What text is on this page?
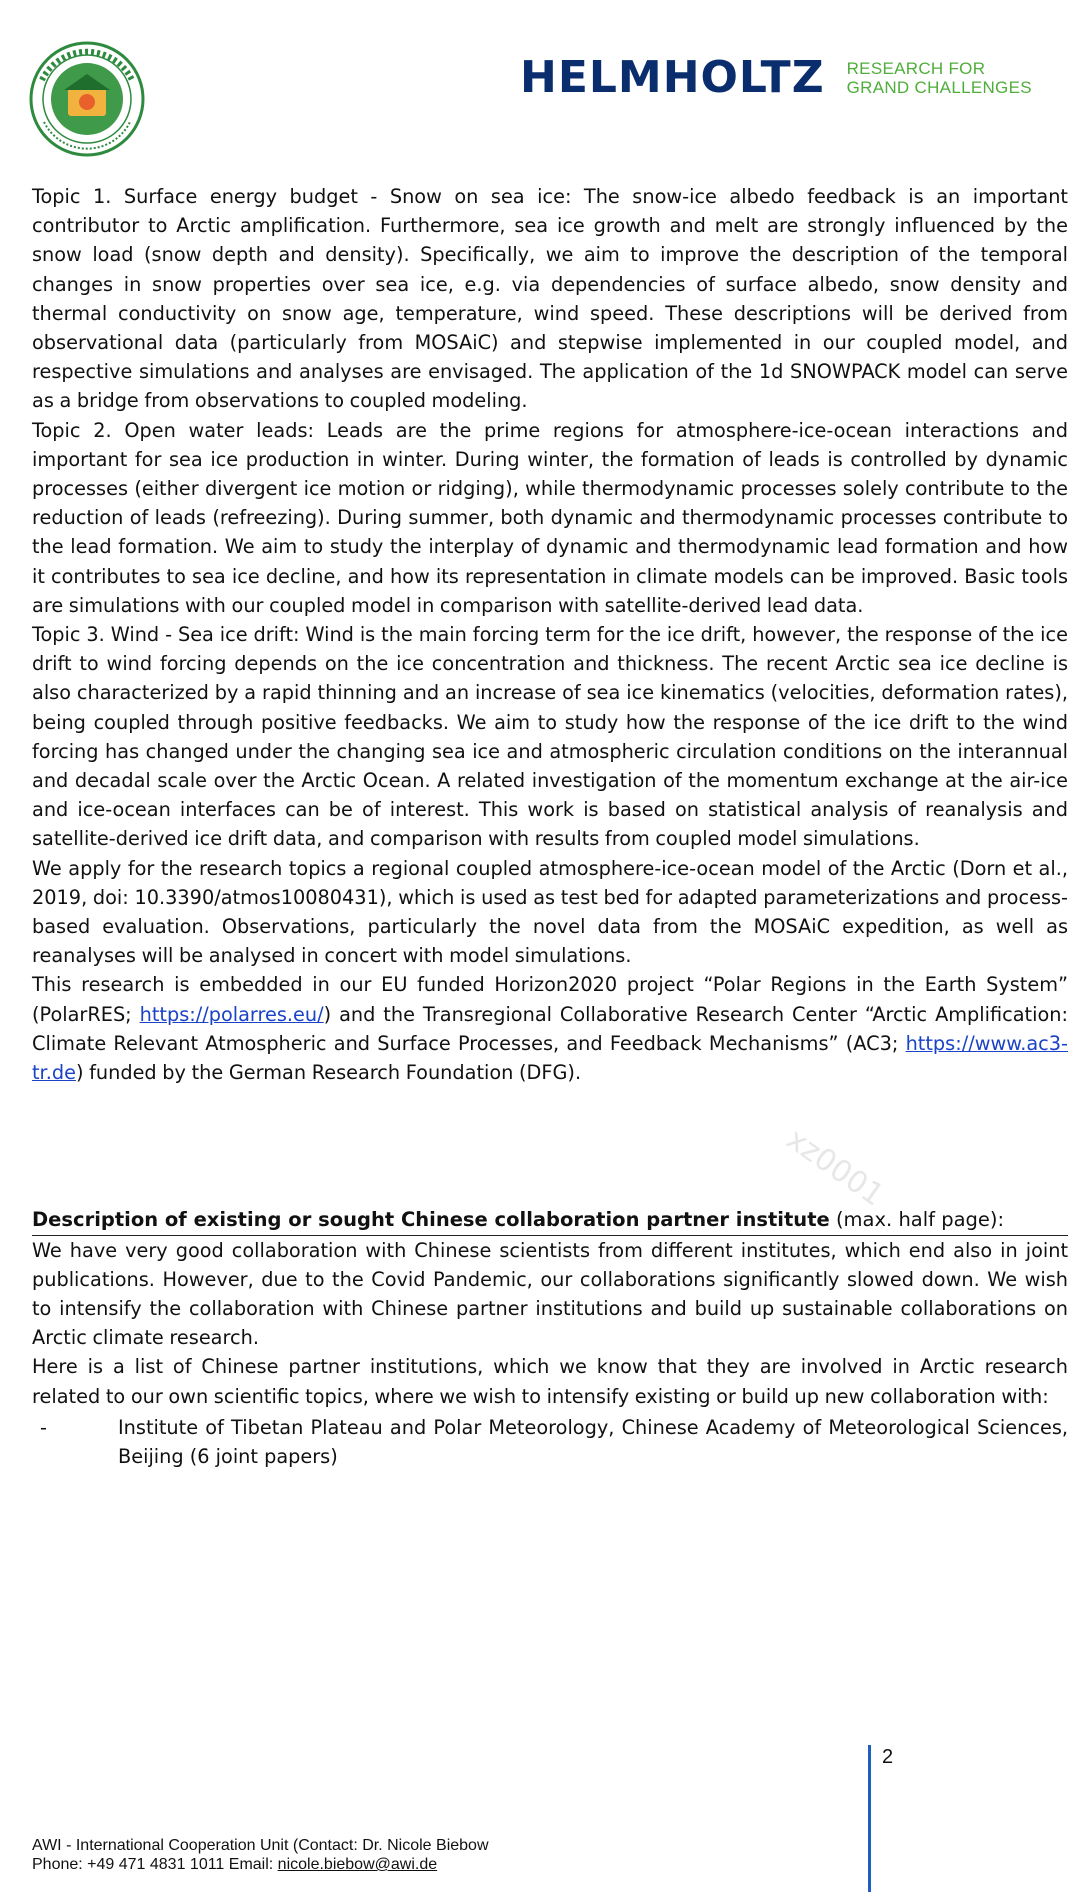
HELMHOLTZ RESEARCH FOR
GRAND CHALLENGES

Topic 1. Surface energy budget - Snow on sea ice: The snow-ice albedo feedback is an important contributor to Arctic amplification. Furthermore, sea ice growth and melt are strongly influenced by the snow load (snow depth and density). Specifically, we aim to improve the description of the temporal changes in snow properties over sea ice, e.g. via dependencies of surface albedo, snow density and thermal conductivity on snow age, temperature, wind speed. These descriptions will be derived from observational data (particularly from MOSAiC) and stepwise implemented in our coupled model, and respective simulations and analyses are envisaged. The application of the 1d SNOWPACK model can serve as a bridge from observations to coupled modeling.

Topic 2. Open water leads: Leads are the prime regions for atmosphere-ice-ocean interactions and important for sea ice production in winter. During winter, the formation of leads is controlled by dynamic processes (either divergent ice motion or ridging), while thermodynamic processes solely contribute to the reduction of leads (refreezing). During summer, both dynamic and thermodynamic processes contribute to the lead formation. We aim to study the interplay of dynamic and thermodynamic lead formation and how it contributes to sea ice decline, and how its representation in climate models can be improved. Basic tools are simulations with our coupled model in comparison with satellite-derived lead data.

Topic 3. Wind - Sea ice drift: Wind is the main forcing term for the ice drift, however, the response of the ice drift to wind forcing depends on the ice concentration and thickness. The recent Arctic sea ice decline is also characterized by a rapid thinning and an increase of sea ice kinematics (velocities, deformation rates), being coupled through positive feedbacks. We aim to study how the response of the ice drift to the wind forcing has changed under the changing sea ice and atmospheric circulation conditions on the interannual and decadal scale over the Arctic Ocean. A related investigation of the momentum exchange at the air-ice and ice-ocean interfaces can be of interest. This work is based on statistical analysis of reanalysis and satellite-derived ice drift data, and comparison with results from coupled model simulations.

We apply for the research topics a regional coupled atmosphere-ice-ocean model of the Arctic (Dorn et al., 2019, doi: 10.3390/atmos10080431), which is used as test bed for adapted parameterizations and process-based evaluation. Observations, particularly the novel data from the MOSAiC expedition, as well as reanalyses will be analysed in concert with model simulations.

This research is embedded in our EU funded Horizon2020 project “Polar Regions in the Earth System” (PolarRES; https://polarres.eu/) and the Transregional Collaborative Research Center “Arctic Amplification: Climate Relevant Atmospheric and Surface Processes, and Feedback Mechanisms” (AC3; https://www.ac3-tr.de) funded by the German Research Foundation (DFG).

Description of existing or sought Chinese collaboration partner institute (max. half page):

We have very good collaboration with Chinese scientists from different institutes, which end also in joint publications. However, due to the Covid Pandemic, our collaborations significantly slowed down. We wish to intensify the collaboration with Chinese partner institutions and build up sustainable collaborations on Arctic climate research.

Here is a list of Chinese partner institutions, which we know that they are involved in Arctic research related to our own scientific topics, where we wish to intensify existing or build up new collaboration with:

-	Institute of Tibetan Plateau and Polar Meteorology, Chinese Academy of Meteorological Sciences, Beijing (6 joint papers)
2
AWI - International Cooperation Unit (Contact: Dr. Nicole Biebow
Phone: +49 471 4831 1011 Email: nicole.biebow@awi.de
xz0001
